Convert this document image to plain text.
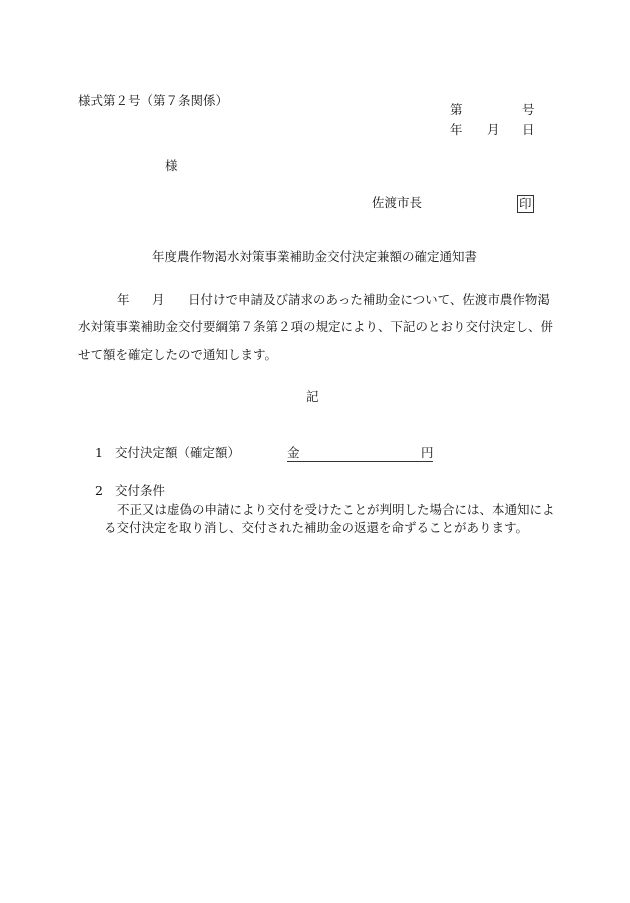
様式第２号（第７条関係）
第	号
年 月 日
様
佐渡市長	印
年度農作物渇水対策事業補助金交付決定兼額の確定通知書
年 月 日付けで申請及び請求のあった補助金について、佐渡市農作物渇
水対策事業補助金交付要綱第７条第２項の規定により、下記のとおり交付決定し、併
せて額を確定したので通知します。
記
1 交付決定額（確定額）	金	円
2 交付条件
不正又は虚偽の申請により交付を受けたことが判明した場合には、本通知によ
る交付決定を取り消し、交付された補助金の返還を命ずることがあります。
